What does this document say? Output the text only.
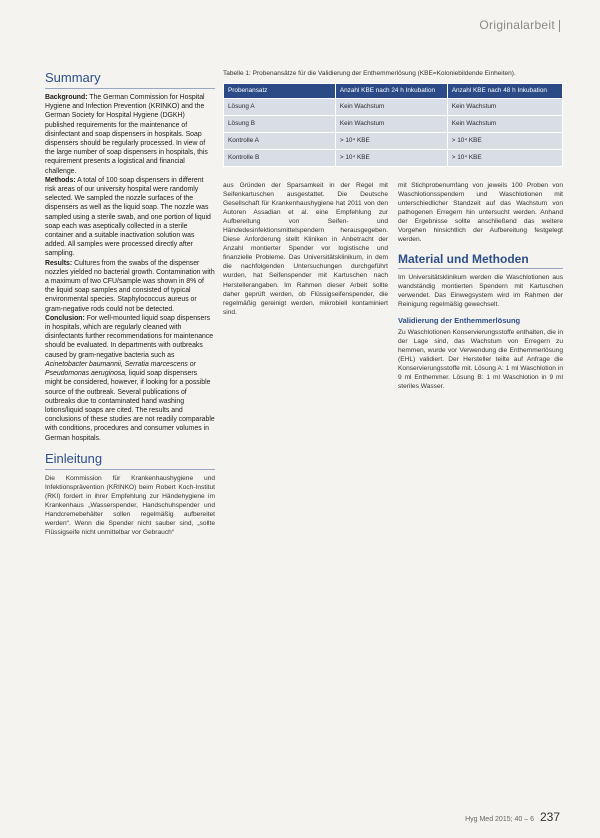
Originalarbeit
Summary

Background: The German Commission for Hospital Hygiene and Infection Prevention (KRINKO) and the German Society for Hospital Hygiene (DGKH) published requirements for the maintenance of disinfectant and soap dispensers in hospitals. Soap dispensers should be regularly processed. In view of the large number of soap dispensers in hospitals, this requirement presents a logistical and financial challenge.

Methods: A total of 100 soap dispensers in different risk areas of our university hospital were randomly selected. We sampled the nozzle surfaces of the dispensers as well as the liquid soap. The nozzle was sampled using a sterile swab, and one portion of liquid soap each was aseptically collected in a sterile container and a suitable inactivation solution was added. All samples were processed directly after sampling.

Results: Cultures from the swabs of the dispenser nozzles yielded no bacterial growth. Contamination with a maximum of two CFU/sample was shown in 8% of the liquid soap samples and consisted of typical environmental species. Staphylococcus aureus or gram-negative rods could not be detected.

Conclusion: For well-mounted liquid soap dispensers in hospitals, which are regularly cleaned with disinfectants further recommendations for maintenance should be evaluated. In departments with outbreaks caused by gram-negative bacteria such as Acinetobacter baumannii, Serratia marcescens or Pseudomonas aeruginosa, liquid soap dispensers might be considered, however, if looking for a possible source of the outbreak. Several publications of outbreaks due to contaminated hand washing lotions/liquid soaps are cited. The results and conclusions of these studies are not readily comparable with conditions, procedures and consumer volumes in German hospitals.

Einleitung
Die Kommission für Krankenhaushygiene und Infektionsprävention (KRINKO) beim Robert Koch-Institut (RKI) fordert in ihrer Empfehlung zur Händehygiene im Krankenhaus „Wasserspender, Handschuhspender und Handcremebehälter sollen regelmäßig aufbereitet werden“. Wenn die Spender nicht sauber sind, „sollte Flüssigseife nicht unmittelbar vor Gebrauch“
Tabelle 1: Probenansätze für die Validierung der Enthemmerlösung (KBE=Koloniebildende Einheiten).
Probenansatz	Anzahl KBE nach 24 h Inkubation	Anzahl KBE nach 48 h Inkubation
Lösung A	Kein Wachstum	Kein Wachstum
Lösung B	Kein Wachstum	Kein Wachstum
Kontrolle A	> 10⁴ KBE	> 10⁴ KBE
Kontrolle B	> 10⁴ KBE	> 10⁴ KBE
aus Gründen der Sparsamkeit in der Regel mit Seifenkartuschen ausgestattet. Die Deutsche Gesellschaft für Krankenhaushygiene hat 2011 von den Autoren Assadian et al. eine Empfehlung zur Aufbereitung von Seifen- und Händedesinfektionsmittelspendern herausgegeben. Diese Anforderung stellt Kliniken in Anbetracht der Anzahl montierter Spender vor logistische und finanzielle Probleme. Das Universitätsklinikum, in dem die nachfolgenden Untersuchungen durchgeführt wurden, hat Seifenspender mit Kartuschen nach Herstellerangaben. Im Rahmen dieser Arbeit sollte daher geprüft werden, ob Flüssigseifenspender, die regelmäßig gereinigt werden, mikrobiell kontaminiert sind.
mit Stichprobenumfang von jeweils 100 Proben von Waschlotionsspendern und Waschlotionen mit unterschiedlicher Standzeit auf das Wachstum von pathogenen Erregern hin untersucht werden. Anhand der Ergebnisse sollte anschließend das weitere Vorgehen hinsichtlich der Aufbereitung festgelegt werden.
Material und Methoden
Im Universitätsklinikum werden die Waschlotionen aus wandständig montierten Spendern mit Kartuschen verwendet. Das Einwegsystem wird im Rahmen der Reinigung regelmäßig gewechselt.
Validierung der Enthemmerlösung
Zu Waschlotionen Konservierungsstoffe enthalten, die in der Lage sind, das Wachstum von Erregern zu hemmen, wurde vor Verwendung die Enthemmerlösung (EHL) validiert. Der Hersteller teilte auf Anfrage die Konservierungsstoffe mit. Lösung A: 1 ml Waschlotion in 9 ml Enthemmer. Lösung B: 1 ml Waschlotion in 9 ml steriles Wasser.
Hyg Med 2015; 40 – 6 237
